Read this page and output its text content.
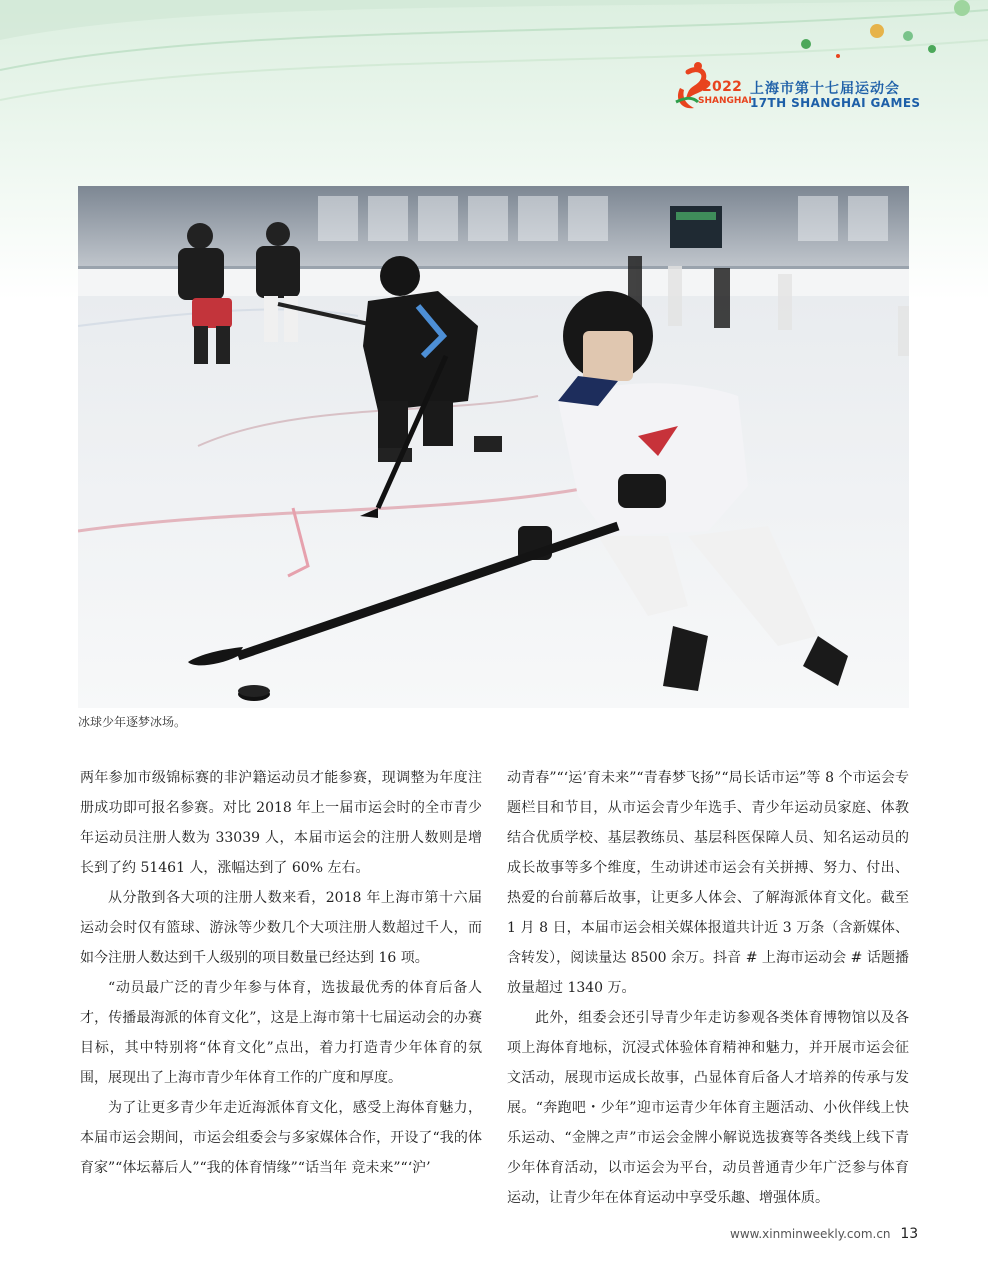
2022
SHANGHAI
上海市第十七届运动会
17TH SHANGHAI GAMES
冰球少年逐梦冰场。

两年参加市级锦标赛的非沪籍运动员才能参赛，现调整为年度注册成功即可报名参赛。对比 2018 年上一届市运会时的全市青少年运动员注册人数为 33039 人，本届市运会的注册人数则是增长到了约 51461 人，涨幅达到了 60% 左右。

从分散到各大项的注册人数来看，2018 年上海市第十六届运动会时仅有篮球、游泳等少数几个大项注册人数超过千人，而如今注册人数达到千人级别的项目数量已经达到 16 项。

“动员最广泛的青少年参与体育，选拔最优秀的体育后备人才，传播最海派的体育文化”，这是上海市第十七届运动会的办赛目标，其中特别将“体育文化”点出，着力打造青少年体育的氛围，展现出了上海市青少年体育工作的广度和厚度。

为了让更多青少年走近海派体育文化，感受上海体育魅力，本届市运会期间，市运会组委会与多家媒体合作，开设了“我的体育家”“体坛幕后人”“我的体育情缘”“话当年 竞未来”“‘沪’

动青春”“‘运’育未来”“青春梦飞扬”“局长话市运”等 8 个市运会专题栏目和节目，从市运会青少年选手、青少年运动员家庭、体教结合优质学校、基层教练员、基层科医保障人员、知名运动员的成长故事等多个维度，生动讲述市运会有关拼搏、努力、付出、热爱的台前幕后故事，让更多人体会、了解海派体育文化。截至 1 月 8 日，本届市运会相关媒体报道共计近 3 万条（含新媒体、含转发），阅读量达 8500 余万。抖音 # 上海市运动会 # 话题播放量超过 1340 万。

此外，组委会还引导青少年走访参观各类体育博物馆以及各项上海体育地标，沉浸式体验体育精神和魅力，并开展市运会征文活动，展现市运成长故事，凸显体育后备人才培养的传承与发展。“奔跑吧・少年”迎市运青少年体育主题活动、小伙伴线上快乐运动、“金牌之声”市运会金牌小解说选拔赛等各类线上线下青少年体育活动，以市运会为平台，动员普通青少年广泛参与体育运动，让青少年在体育运动中享受乐趣、增强体质。

www.xinminweekly.com.cn 13
